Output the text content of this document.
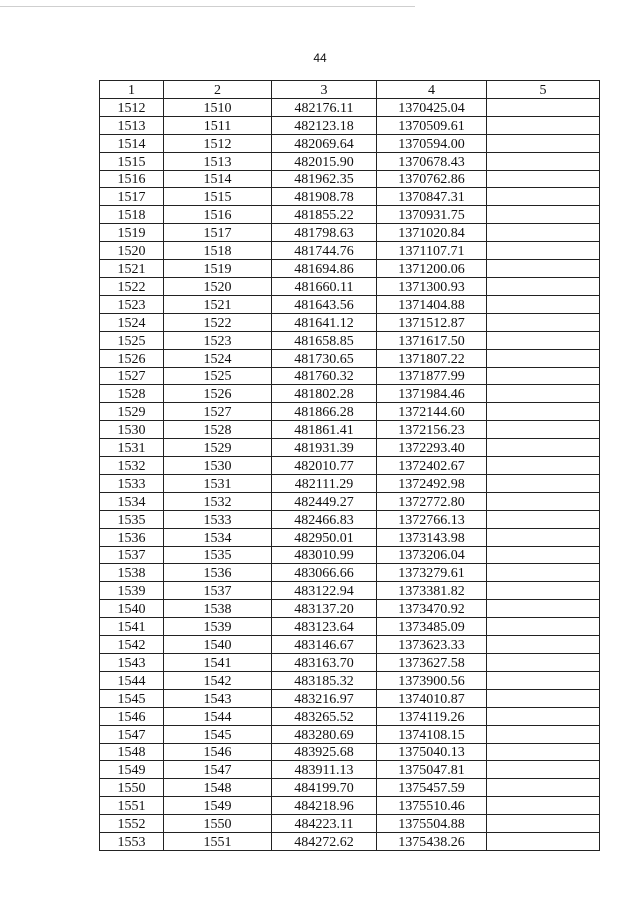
44
1	2	3	4	5
1512	1510	482176.11	1370425.04	
1513	1511	482123.18	1370509.61	
1514	1512	482069.64	1370594.00	
1515	1513	482015.90	1370678.43	
1516	1514	481962.35	1370762.86	
1517	1515	481908.78	1370847.31	
1518	1516	481855.22	1370931.75	
1519	1517	481798.63	1371020.84	
1520	1518	481744.76	1371107.71	
1521	1519	481694.86	1371200.06	
1522	1520	481660.11	1371300.93	
1523	1521	481643.56	1371404.88	
1524	1522	481641.12	1371512.87	
1525	1523	481658.85	1371617.50	
1526	1524	481730.65	1371807.22	
1527	1525	481760.32	1371877.99	
1528	1526	481802.28	1371984.46	
1529	1527	481866.28	1372144.60	
1530	1528	481861.41	1372156.23	
1531	1529	481931.39	1372293.40	
1532	1530	482010.77	1372402.67	
1533	1531	482111.29	1372492.98	
1534	1532	482449.27	1372772.80	
1535	1533	482466.83	1372766.13	
1536	1534	482950.01	1373143.98	
1537	1535	483010.99	1373206.04	
1538	1536	483066.66	1373279.61	
1539	1537	483122.94	1373381.82	
1540	1538	483137.20	1373470.92	
1541	1539	483123.64	1373485.09	
1542	1540	483146.67	1373623.33	
1543	1541	483163.70	1373627.58	
1544	1542	483185.32	1373900.56	
1545	1543	483216.97	1374010.87	
1546	1544	483265.52	1374119.26	
1547	1545	483280.69	1374108.15	
1548	1546	483925.68	1375040.13	
1549	1547	483911.13	1375047.81	
1550	1548	484199.70	1375457.59	
1551	1549	484218.96	1375510.46	
1552	1550	484223.11	1375504.88	
1553	1551	484272.62	1375438.26	
